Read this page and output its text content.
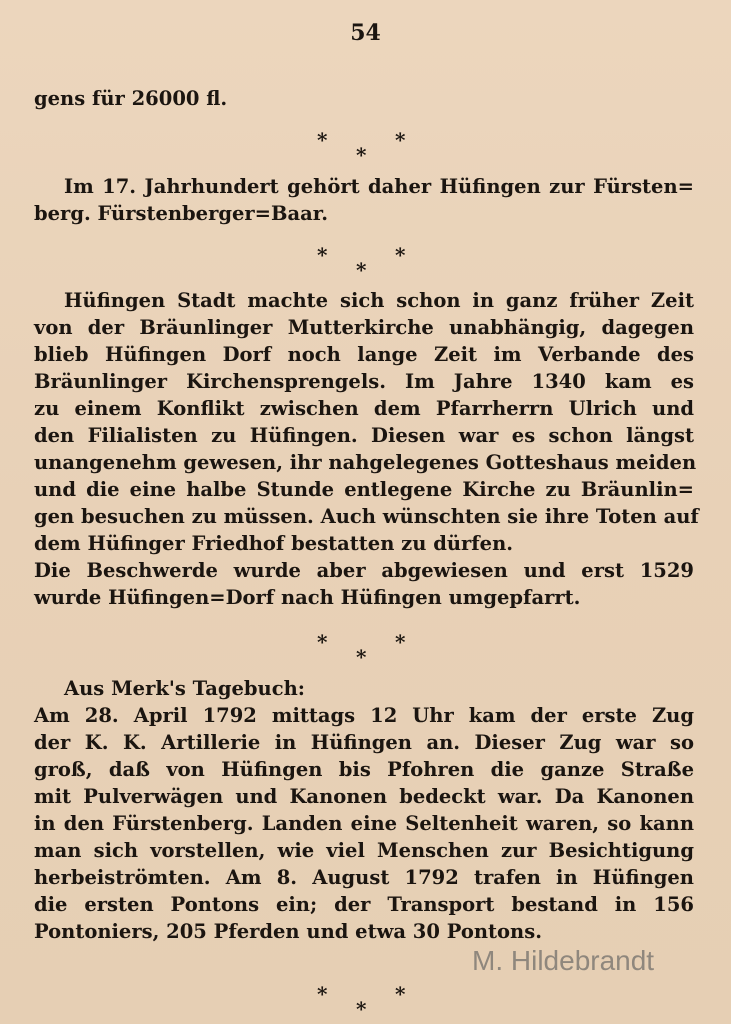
54
gens für 26000 fl.
*	*
*
Im 17. Jahrhundert gehört daher Hüfingen zur Fürsten=
berg. Fürstenberger=Baar.
*	*
*
Hüfingen Stadt machte sich schon in ganz früher Zeit
von der Bräunlinger Mutterkirche unabhängig, dagegen
blieb Hüfingen Dorf noch lange Zeit im Verbande des
Bräunlinger Kirchensprengels. Im Jahre 1340 kam es
zu einem Konflikt zwischen dem Pfarrherrn Ulrich und
den Filialisten zu Hüfingen. Diesen war es schon längst
unangenehm gewesen, ihr nahgelegenes Gotteshaus meiden
und die eine halbe Stunde entlegene Kirche zu Bräunlin=
gen besuchen zu müssen. Auch wünschten sie ihre Toten auf
dem Hüfinger Friedhof bestatten zu dürfen.
Die Beschwerde wurde aber abgewiesen und erst 1529
wurde Hüfingen=Dorf nach Hüfingen umgepfarrt.
*	*
*
Aus Merk's Tagebuch:
Am 28. April 1792 mittags 12 Uhr kam der erste Zug
der K. K. Artillerie in Hüfingen an. Dieser Zug war so
groß, daß von Hüfingen bis Pfohren die ganze Straße
mit Pulverwägen und Kanonen bedeckt war. Da Kanonen
in den Fürstenberg. Landen eine Seltenheit waren, so kann
man sich vorstellen, wie viel Menschen zur Besichtigung
herbeiströmten. Am 8. August 1792 trafen in Hüfingen
die ersten Pontons ein; der Transport bestand in 156
Pontoniers, 205 Pferden und etwa 30 Pontons.
M. Hildebrandt
*	*
*
